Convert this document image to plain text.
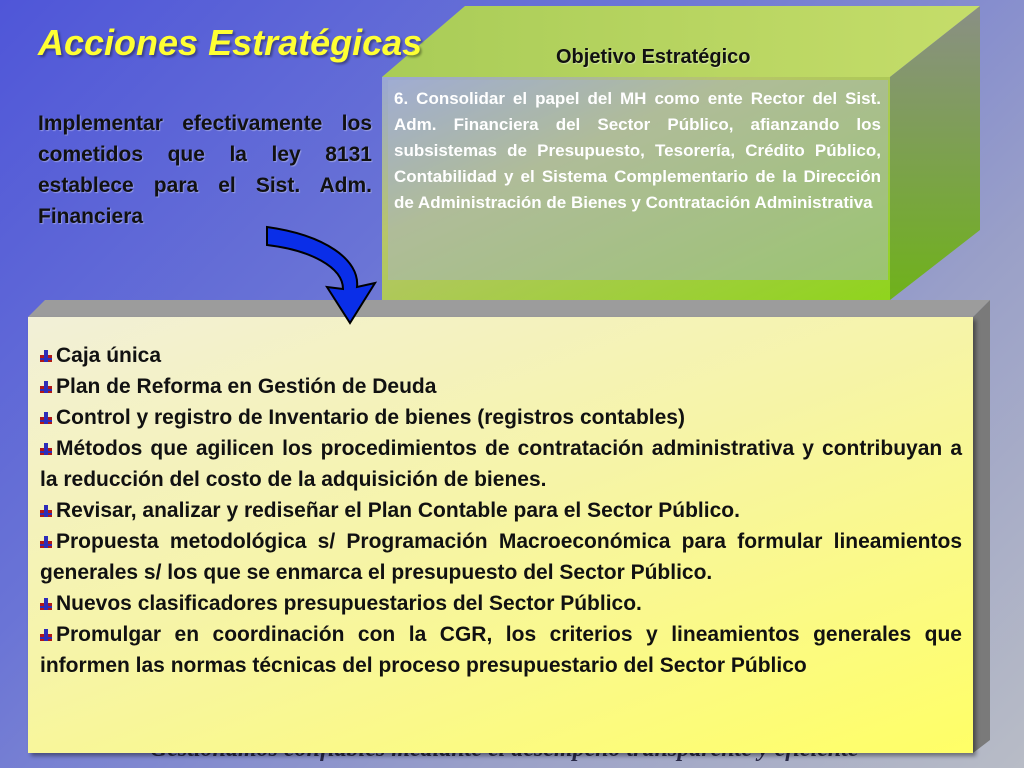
Acciones Estratégicas	Objetivo Estratégico
Implementar efectivamente los cometidos que la ley 8131 establece para el Sist. Adm. Financiera
6. Consolidar el papel del MH como ente Rector del Sist. Adm. Financiera del Sector Público, afianzando los subsistemas de Presupuesto, Tesorería, Crédito Público, Contabilidad y el Sistema Complementario de la Dirección de Administración de Bienes y Contratación Administrativa
Caja única
Plan de Reforma en Gestión de Deuda
Control y registro de Inventario de bienes (registros contables)
Métodos que agilicen los procedimientos de contratación administrativa y contribuyan a la reducción del costo de la adquisición de bienes.
Revisar, analizar y rediseñar el Plan Contable para el Sector Público.
Propuesta metodológica s/ Programación Macroeconómica para formular lineamientos generales s/ los que se enmarca el presupuesto del Sector Público.
Nuevos clasificadores presupuestarios del Sector Público.
Promulgar en coordinación con la CGR, los criterios y lineamientos generales que informen las normas técnicas del proceso presupuestario del Sector Público
